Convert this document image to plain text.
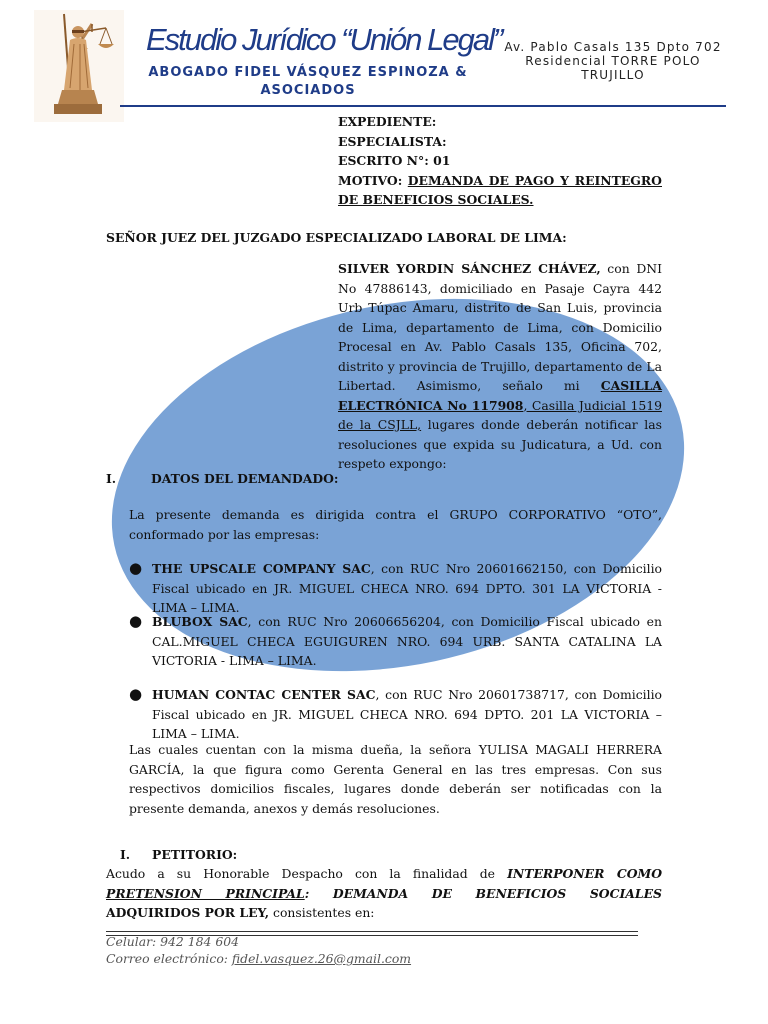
Estudio Jurídico “Unión Legal”
ABOGADO FIDEL VÁSQUEZ ESPINOZA & ASOCIADOS
Av. Pablo Casals 135 Dpto 702
Residencial TORRE POLO
TRUJILLO
EXPEDIENTE:
ESPECIALISTA:
ESCRITO N°: 01
MOTIVO: DEMANDA DE PAGO Y REINTEGRO DE BENEFICIOS SOCIALES.
SEÑOR JUEZ DEL JUZGADO ESPECIALIZADO LABORAL DE LIMA:
SILVER YORDIN SÁNCHEZ CHÁVEZ, con DNI No 47886143, domiciliado en Pasaje Cayra 442 Urb Túpac Amaru, distrito de San Luis, provincia de Lima, departamento de Lima, con Domicilio Procesal en Av. Pablo Casals 135, Oficina 702, distrito y provincia de Trujillo, departamento de La Libertad. Asimismo, señalo mi CASILLA ELECTRÓNICA No 117908, Casilla Judicial 1519 de la CSJLL, lugares donde deberán notificar las resoluciones que expida su Judicatura, a Ud. con respeto expongo:
I.	DATOS DEL DEMANDADO:
La presente demanda es dirigida contra el GRUPO CORPORATIVO “OTO”, conformado por las empresas:
● THE UPSCALE COMPANY SAC, con RUC Nro 20601662150, con Domicilio Fiscal ubicado en JR. MIGUEL CHECA NRO. 694 DPTO. 301 LA VICTORIA - LIMA – LIMA.
● BLUBOX SAC, con RUC Nro 20606656204, con Domicilio Fiscal ubicado en CAL.MIGUEL CHECA EGUIGUREN NRO. 694 URB. SANTA CATALINA LA VICTORIA - LIMA – LIMA.
● HUMAN CONTAC CENTER SAC, con RUC Nro 20601738717, con Domicilio Fiscal ubicado en JR. MIGUEL CHECA NRO. 694 DPTO. 201 LA VICTORIA – LIMA – LIMA.
Las cuales cuentan con la misma dueña, la señora YULISA MAGALI HERRERA GARCÍA, la que figura como Gerenta General en las tres empresas. Con sus respectivos domicilios fiscales, lugares donde deberán ser notificadas con la presente demanda, anexos y demás resoluciones.
I. PETITORIO:
Acudo a su Honorable Despacho con la finalidad de INTERPONER COMO PRETENSION PRINCIPAL: DEMANDA DE BENEFICIOS SOCIALES ADQUIRIDOS POR LEY, consistentes en:
Celular: 942 184 604
Correo electrónico: fidel.vasquez.26@gmail.com
